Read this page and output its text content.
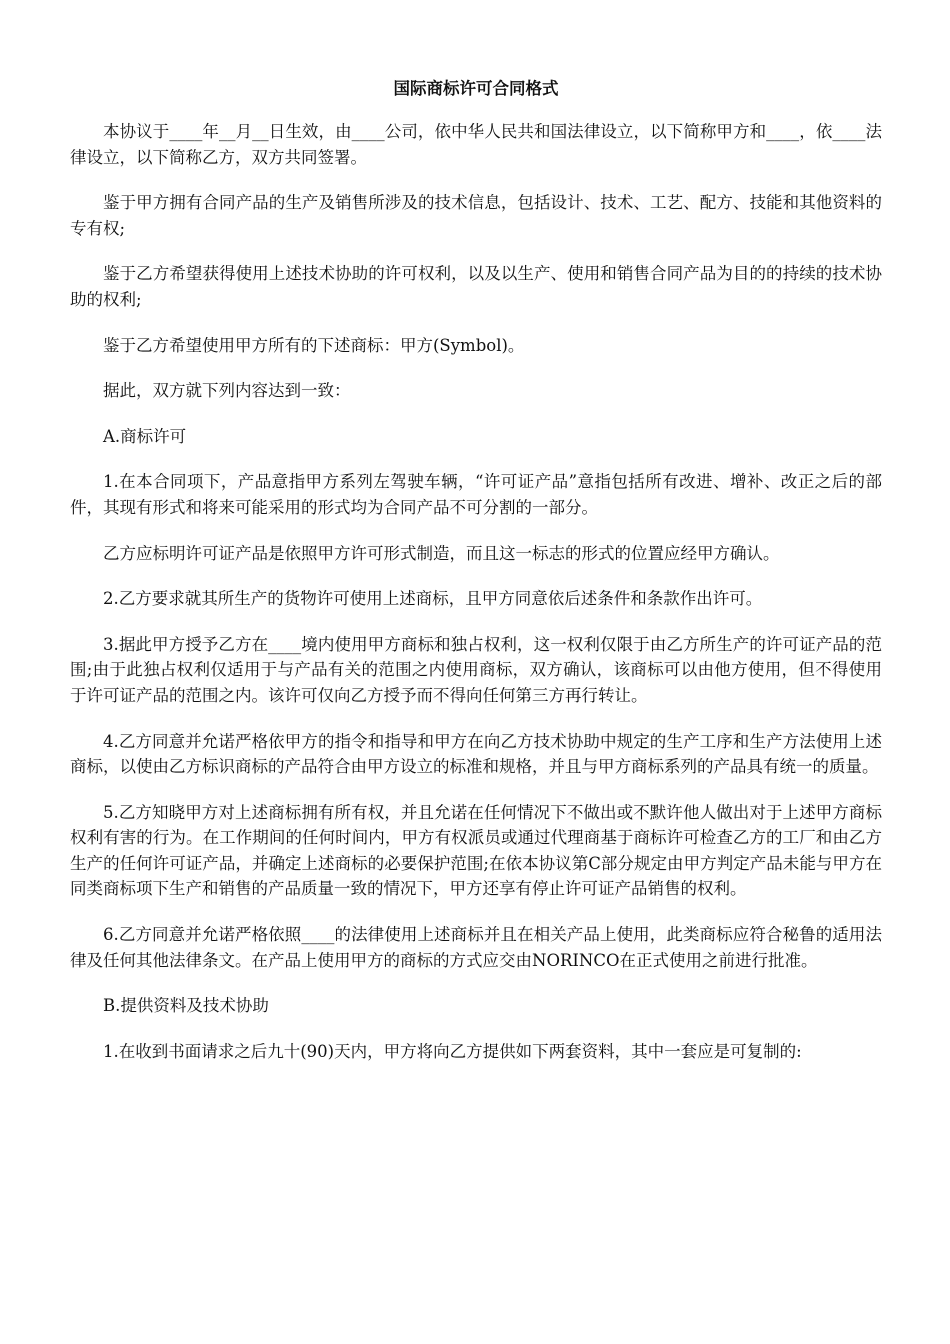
国际商标许可合同格式

本协议于____年__月__日生效，由____公司，依中华人民共和国法律设立，以下简称甲方和____，依____法律设立，以下简称乙方，双方共同签署。

鉴于甲方拥有合同产品的生产及销售所涉及的技术信息，包括设计、技术、工艺、配方、技能和其他资料的专有权;

鉴于乙方希望获得使用上述技术协助的许可权利，以及以生产、使用和销售合同产品为目的的持续的技术协助的权利;

鉴于乙方希望使用甲方所有的下述商标：甲方(Symbol)。

据此，双方就下列内容达到一致：

A.商标许可

1.在本合同项下，产品意指甲方系列左驾驶车辆，“许可证产品”意指包括所有改进、增补、改正之后的部件，其现有形式和将来可能采用的形式均为合同产品不可分割的一部分。

乙方应标明许可证产品是依照甲方许可形式制造，而且这一标志的形式的位置应经甲方确认。

2.乙方要求就其所生产的货物许可使用上述商标，且甲方同意依后述条件和条款作出许可。

3.据此甲方授予乙方在____境内使用甲方商标和独占权利，这一权利仅限于由乙方所生产的许可证产品的范围;由于此独占权利仅适用于与产品有关的范围之内使用商标，双方确认，该商标可以由他方使用，但不得使用于许可证产品的范围之内。该许可仅向乙方授予而不得向任何第三方再行转让。

4.乙方同意并允诺严格依甲方的指令和指导和甲方在向乙方技术协助中规定的生产工序和生产方法使用上述商标，以使由乙方标识商标的产品符合由甲方设立的标准和规格，并且与甲方商标系列的产品具有统一的质量。

5.乙方知晓甲方对上述商标拥有所有权，并且允诺在任何情况下不做出或不默许他人做出对于上述甲方商标权利有害的行为。在工作期间的任何时间内，甲方有权派员或通过代理商基于商标许可检查乙方的工厂和由乙方生产的任何许可证产品，并确定上述商标的必要保护范围;在依本协议第C部分规定由甲方判定产品未能与甲方在同类商标项下生产和销售的产品质量一致的情况下，甲方还享有停止许可证产品销售的权利。

6.乙方同意并允诺严格依照____的法律使用上述商标并且在相关产品上使用，此类商标应符合秘鲁的适用法律及任何其他法律条文。在产品上使用甲方的商标的方式应交由NORINCO在正式使用之前进行批准。

B.提供资料及技术协助

1.在收到书面请求之后九十(90)天内，甲方将向乙方提供如下两套资料，其中一套应是可复制的:
